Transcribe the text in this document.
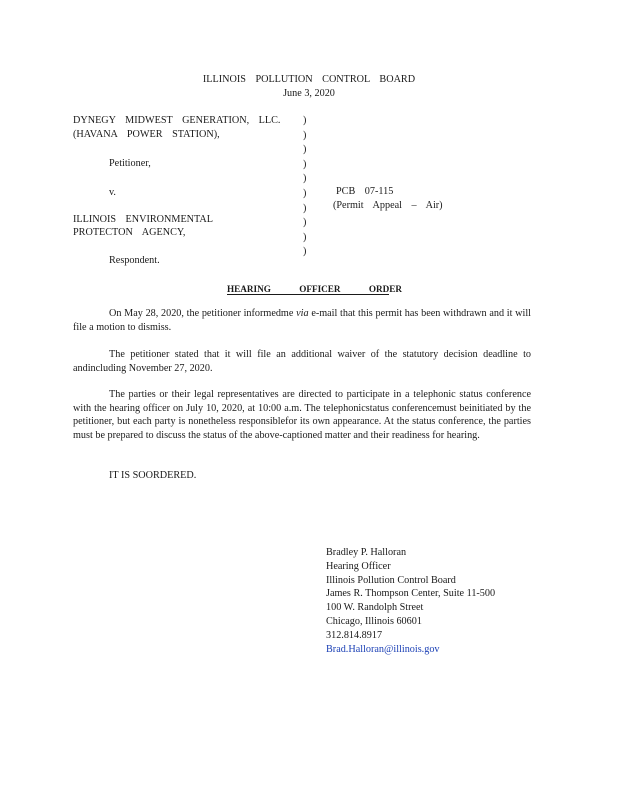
ILLINOIS POLLUTION CONTROL BOARD
June 3, 2020
DYNEGY MIDWEST GENERATION, LLC.
(HAVANA POWER STATION),
Petitioner,
v.
ILLINOIS ENVIRONMENTAL
PROTECTON AGENCY,
Respondent.
)
)
)
)
)
)
)
)
)
)
PCB 07-115
(Permit Appeal – Air)
HEARING OFFICER ORDER
On May 28, 2020, the petitioner informedme via e-mail that this permit has been withdrawn and it will file a motion to dismiss.
The petitioner stated that it will file an additional waiver of the statutory decision deadline to andincluding November 27, 2020.
The parties or their legal representatives are directed to participate in a telephonic status conference with the hearing officer on July 10, 2020, at 10:00 a.m. The telephonicstatus conferencemust beinitiated by the petitioner, but each party is nonetheless responsiblefor its own appearance. At the status conference, the parties must be prepared to discuss the status of the above-captioned matter and their readiness for hearing.
IT IS SOORDERED.
Bradley P. Halloran
Hearing Officer
Illinois Pollution Control Board
James R. Thompson Center, Suite 11-500
100 W. Randolph Street
Chicago, Illinois 60601
312.814.8917
Brad.Halloran@illinois.gov
